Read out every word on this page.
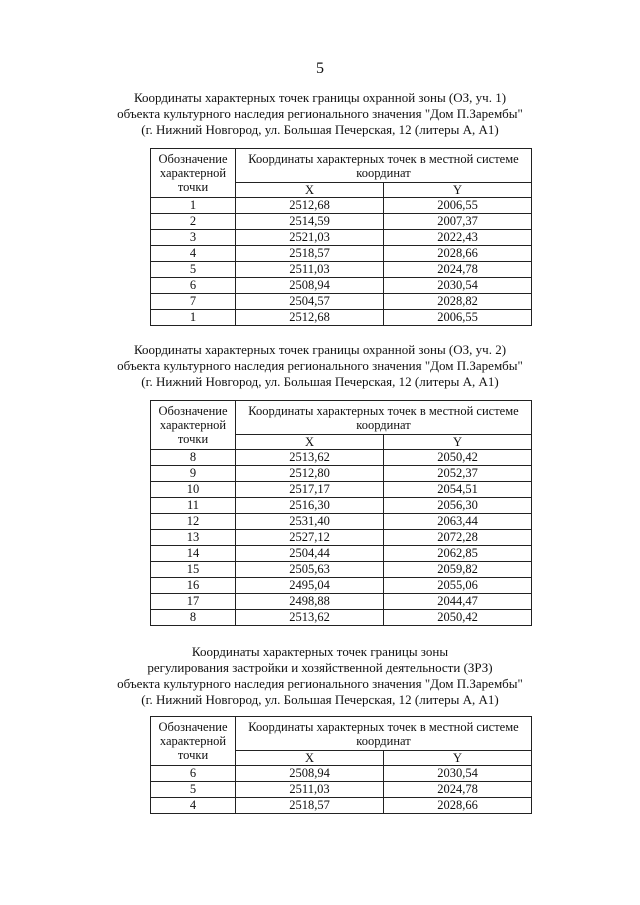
5
Координаты характерных точек границы охранной зоны (ОЗ, уч. 1)
объекта культурного наследия регионального значения "Дом П.Зарембы"
(г. Нижний Новгород, ул. Большая Печерская, 12 (литеры А, А1)
Обозначение характерной точки	Координаты характерных точек в местной системе координат	
	X	Y
1	2512,68	2006,55
2	2514,59	2007,37
3	2521,03	2022,43
4	2518,57	2028,66
5	2511,03	2024,78
6	2508,94	2030,54
7	2504,57	2028,82
1	2512,68	2006,55
Координаты характерных точек границы охранной зоны (ОЗ, уч. 2)
объекта культурного наследия регионального значения "Дом П.Зарембы"
(г. Нижний Новгород, ул. Большая Печерская, 12 (литеры А, А1)
Обозначение характерной точки	Координаты характерных точек в местной системе координат	
	X	Y
8	2513,62	2050,42
9	2512,80	2052,37
10	2517,17	2054,51
11	2516,30	2056,30
12	2531,40	2063,44
13	2527,12	2072,28
14	2504,44	2062,85
15	2505,63	2059,82
16	2495,04	2055,06
17	2498,88	2044,47
8	2513,62	2050,42
Координаты характерных точек границы зоны
регулирования застройки и хозяйственной деятельности (ЗРЗ)
объекта культурного наследия регионального значения "Дом П.Зарембы"
(г. Нижний Новгород, ул. Большая Печерская, 12 (литеры А, А1)
Обозначение характерной точки	Координаты характерных точек в местной системе координат	
	X	Y
6	2508,94	2030,54
5	2511,03	2024,78
4	2518,57	2028,66
